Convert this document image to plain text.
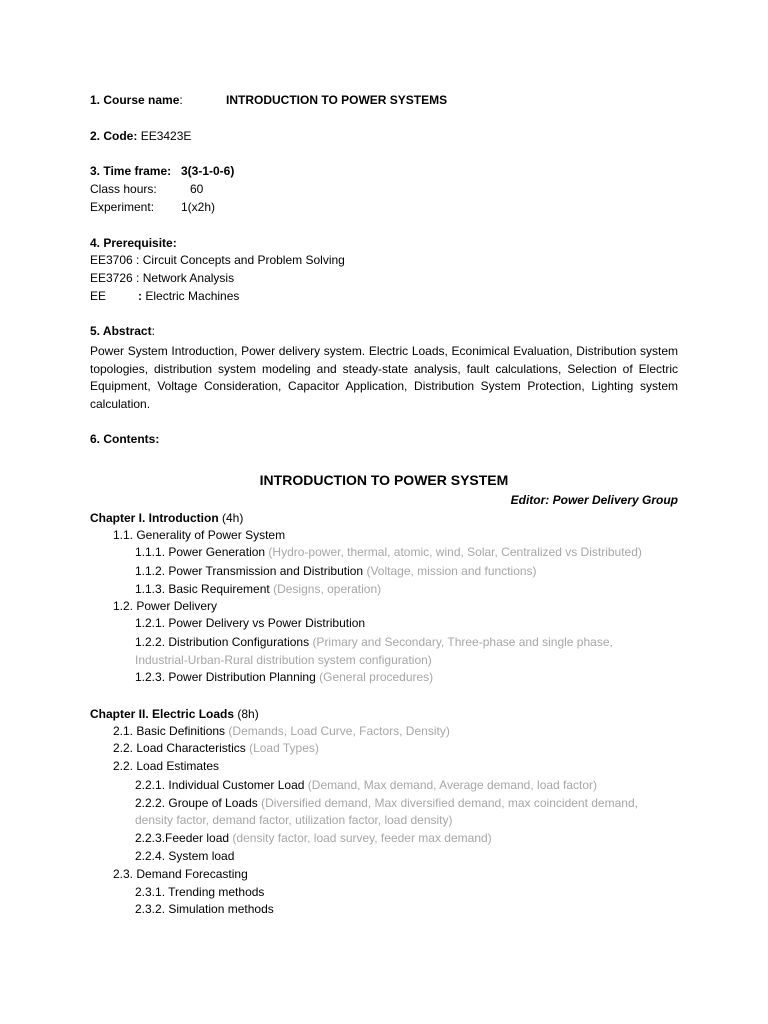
1. Course name:	INTRODUCTION TO POWER SYSTEMS
2. Code: EE3423E
3. Time frame: 3(3-1-0-6)
Class hours:	60
Experiment: 1(x2h)
4. Prerequisite:
EE3706 : Circuit Concepts and Problem Solving
EE3726 : Network Analysis
EE	: Electric Machines
5. Abstract:
Power System Introduction, Power delivery system. Electric Loads, Econimical Evaluation, Distribution system topologies, distribution system modeling and steady-state analysis, fault calculations, Selection of Electric Equipment, Voltage Consideration, Capacitor Application, Distribution System Protection, Lighting system calculation.
6. Contents:
INTRODUCTION TO POWER SYSTEM
Editor: Power Delivery Group
Chapter I. Introduction (4h)
1.1. Generality of Power System
1.1.1. Power Generation (Hydro-power, thermal, atomic, wind, Solar, Centralized vs Distributed)
1.1.2. Power Transmission and Distribution (Voltage, mission and functions)
1.1.3. Basic Requirement (Designs, operation)
1.2. Power Delivery
1.2.1. Power Delivery vs Power Distribution
1.2.2. Distribution Configurations (Primary and Secondary, Three-phase and single phase,
Industrial-Urban-Rural distribution system configuration)
1.2.3. Power Distribution Planning (General procedures)
Chapter II. Electric Loads (8h)
2.1. Basic Definitions (Demands, Load Curve, Factors, Density)
2.2. Load Characteristics (Load Types)
2.2. Load Estimates
2.2.1. Individual Customer Load (Demand, Max demand, Average demand, load factor)
2.2.2. Groupe of Loads (Diversified demand, Max diversified demand, max coincident demand,
density factor, demand factor, utilization factor, load density)
2.2.3.Feeder load (density factor, load survey, feeder max demand)
2.2.4. System load
2.3. Demand Forecasting
2.3.1. Trending methods
2.3.2. Simulation methods
